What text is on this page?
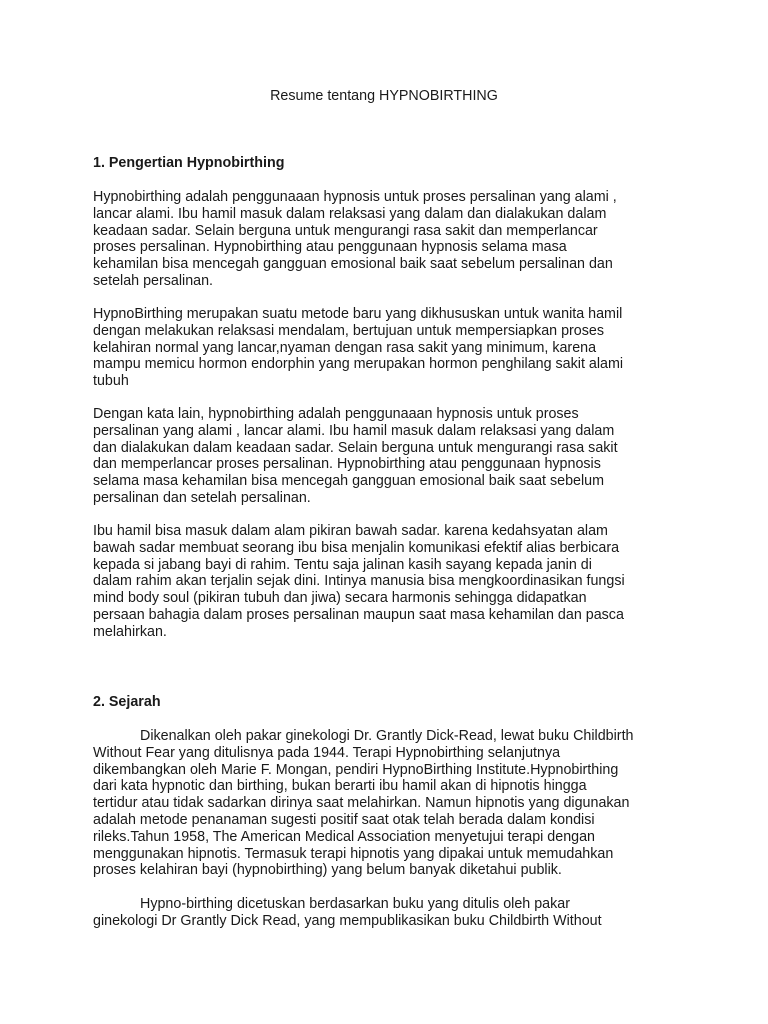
Resume tentang HYPNOBIRTHING
1. Pengertian Hypnobirthing

Hypnobirthing adalah penggunaaan hypnosis untuk proses persalinan yang alami ,
lancar alami. Ibu hamil masuk dalam relaksasi yang dalam dan dialakukan dalam
keadaan sadar. Selain berguna untuk mengurangi rasa sakit dan memperlancar
proses persalinan. Hypnobirthing atau penggunaan hypnosis selama masa
kehamilan bisa mencegah gangguan emosional baik saat sebelum persalinan dan
setelah persalinan.

HypnoBirthing merupakan suatu metode baru yang dikhususkan untuk wanita hamil
dengan melakukan relaksasi mendalam, bertujuan untuk mempersiapkan proses
kelahiran normal yang lancar,nyaman dengan rasa sakit yang minimum, karena
mampu memicu hormon endorphin yang merupakan hormon penghilang sakit alami
tubuh

Dengan kata lain, hypnobirthing adalah penggunaaan hypnosis untuk proses
persalinan yang alami , lancar alami. Ibu hamil masuk dalam relaksasi yang dalam
dan dialakukan dalam keadaan sadar. Selain berguna untuk mengurangi rasa sakit
dan memperlancar proses persalinan. Hypnobirthing atau penggunaan hypnosis
selama masa kehamilan bisa mencegah gangguan emosional baik saat sebelum
persalinan dan setelah persalinan.

Ibu hamil bisa masuk dalam alam pikiran bawah sadar. karena kedahsyatan alam
bawah sadar membuat seorang ibu bisa menjalin komunikasi efektif alias berbicara
kepada si jabang bayi di rahim. Tentu saja jalinan kasih sayang kepada janin di
dalam rahim akan terjalin sejak dini. Intinya manusia bisa mengkoordinasikan fungsi
mind body soul (pikiran tubuh dan jiwa) secara harmonis sehingga didapatkan
persaan bahagia dalam proses persalinan maupun saat masa kehamilan dan pasca
melahirkan.

2. Sejarah

Dikenalkan oleh pakar ginekologi Dr. Grantly Dick-Read, lewat buku Childbirth
Without Fear yang ditulisnya pada 1944. Terapi Hypnobirthing selanjutnya
dikembangkan oleh Marie F. Mongan, pendiri HypnoBirthing Institute.Hypnobirthing
dari kata hypnotic dan birthing, bukan berarti ibu hamil akan di hipnotis hingga
tertidur atau tidak sadarkan dirinya saat melahirkan. Namun hipnotis yang digunakan
adalah metode penanaman sugesti positif saat otak telah berada dalam kondisi
rileks.Tahun 1958, The American Medical Association menyetujui terapi dengan
menggunakan hipnotis. Termasuk terapi hipnotis yang dipakai untuk memudahkan
proses kelahiran bayi (hypnobirthing) yang belum banyak diketahui publik.

Hypno-birthing dicetuskan berdasarkan buku yang ditulis oleh pakar
ginekologi Dr Grantly Dick Read, yang mempublikasikan buku Childbirth Without
